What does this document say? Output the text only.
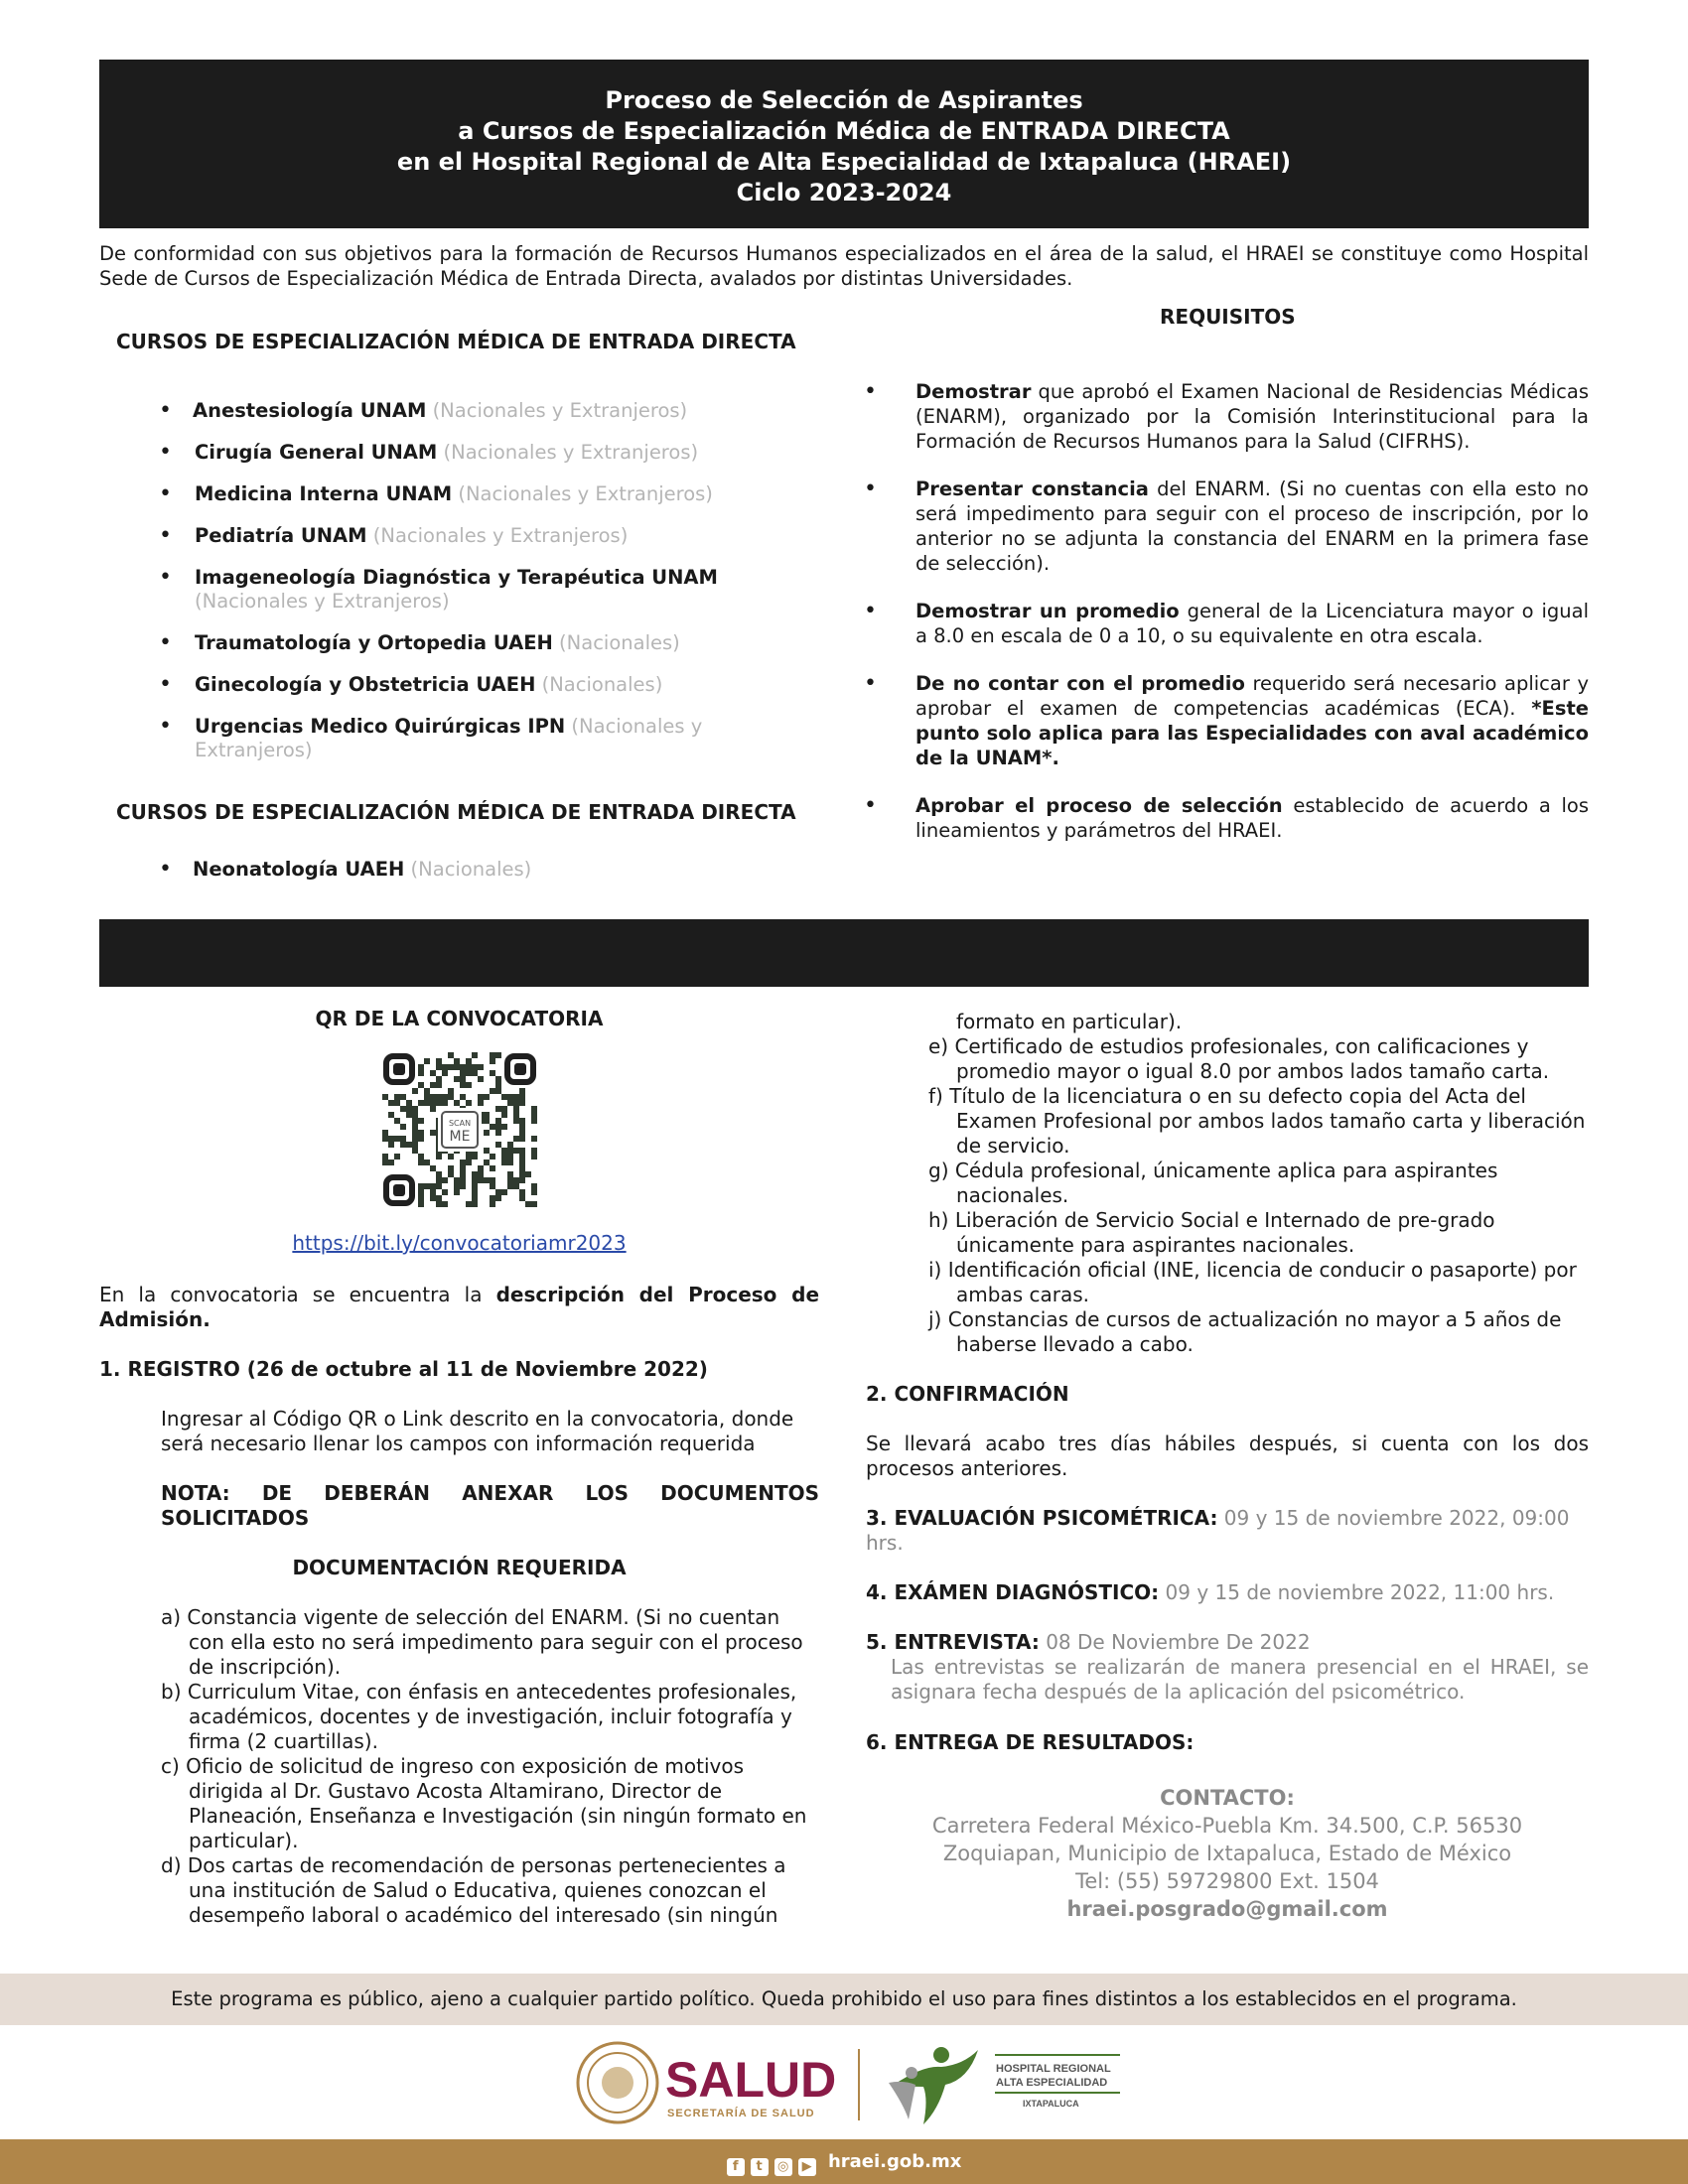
Proceso de Selección de Aspirantes
a Cursos de Especialización Médica de ENTRADA DIRECTA
en el Hospital Regional de Alta Especialidad de Ixtapaluca (HRAEI)
Ciclo 2023-2024

De conformidad con sus objetivos para la formación de Recursos Humanos especializados en el área de la salud, el HRAEI se constituye como Hospital Sede de Cursos de Especialización Médica de Entrada Directa, avalados por distintas Universidades.

CURSOS DE ESPECIALIZACIÓN MÉDICA DE ENTRADA DIRECTA
• Anestesiología UNAM (Nacionales y Extranjeros)
• Cirugía General UNAM (Nacionales y Extranjeros)
• Medicina Interna UNAM (Nacionales y Extranjeros)
• Pediatría UNAM (Nacionales y Extranjeros)
• Imageneología Diagnóstica y Terapéutica UNAM
(Nacionales y Extranjeros)
• Traumatología y Ortopedia UAEH (Nacionales)
• Ginecología y Obstetricia UAEH (Nacionales)
• Urgencias Medico Quirúrgicas IPN (Nacionales y Extranjeros)
CURSOS DE ESPECIALIZACIÓN MÉDICA DE ENTRADA DIRECTA
• Neonatología UAEH (Nacionales)
REQUISITOS
• Demostrar que aprobó el Examen Nacional de Residencias Médicas (ENARM), organizado por la Comisión Interinstitucional para la Formación de Recursos Humanos para la Salud (CIFRHS).
• Presentar constancia del ENARM. (Si no cuentas con ella esto no será impedimento para seguir con el proceso de inscripción, por lo anterior no se adjunta la constancia del ENARM en la primera fase de selección).
• Demostrar un promedio general de la Licenciatura mayor o igual a 8.0 en escala de 0 a 10, o su equivalente en otra escala.
• De no contar con el promedio requerido será necesario aplicar y aprobar el examen de competencias académicas (ECA). *Este punto solo aplica para las Especialidades con aval académico de la UNAM*.
• Aprobar el proceso de selección establecido de acuerdo a los lineamientos y parámetros del HRAEI.
QR DE LA CONVOCATORIA
SCAN
ME
https://bit.ly/convocatoriamr2023

En la convocatoria se encuentra la descripción del Proceso de Admisión.

1. REGISTRO (26 de octubre al 11 de Noviembre 2022)

Ingresar al Código QR o Link descrito en la convocatoria, donde será necesario llenar los campos con información requerida

NOTA: DE DEBERÁN ANEXAR LOS DOCUMENTOS SOLICITADOS

DOCUMENTACIÓN REQUERIDA

a) Constancia vigente de selección del ENARM. (Si no cuentan con ella esto no será impedimento para seguir con el proceso de inscripción).

b) Curriculum Vitae, con énfasis en antecedentes profesionales, académicos, docentes y de investigación, incluir fotografía y firma (2 cuartillas).

c) Oficio de solicitud de ingreso con exposición de motivos dirigida al Dr. Gustavo Acosta Altamirano, Director de Planeación, Enseñanza e Investigación (sin ningún formato en particular).

d) Dos cartas de recomendación de personas pertenecientes a una institución de Salud o Educativa, quienes conozcan el desempeño laboral o académico del interesado (sin ningún

formato en particular).

e) Certificado de estudios profesionales, con calificaciones y promedio mayor o igual 8.0 por ambos lados tamaño carta.

f) Título de la licenciatura o en su defecto copia del Acta del Examen Profesional por ambos lados tamaño carta y liberación de servicio.

g) Cédula profesional, únicamente aplica para aspirantes nacionales.

h) Liberación de Servicio Social e Internado de pre-grado únicamente para aspirantes nacionales.

i) Identificación oficial (INE, licencia de conducir o pasaporte) por ambas caras.

j) Constancias de cursos de actualización no mayor a 5 años de haberse llevado a cabo.

2. CONFIRMACIÓN

Se llevará acabo tres días hábiles después, si cuenta con los dos procesos anteriores.

3. EVALUACIÓN PSICOMÉTRICA: 09 y 15 de noviembre 2022, 09:00 hrs.

4. EXÁMEN DIAGNÓSTICO: 09 y 15 de noviembre 2022, 11:00 hrs.

5. ENTREVISTA: 08 De Noviembre De 2022

Las entrevistas se realizarán de manera presencial en el HRAEI, se asignara fecha después de la aplicación del psicométrico.

6. ENTREGA DE RESULTADOS:

CONTACTO:
Carretera Federal México-Puebla Km. 34.500, C.P. 56530
Zoquiapan, Municipio de Ixtapaluca, Estado de México
Tel: (55) 59729800 Ext. 1504
hraei.posgrado@gmail.com
Este programa es público, ajeno a cualquier partido político. Queda prohibido el uso para fines distintos a los establecidos en el programa.
SALUD
SECRETARÍA DE SALUD
HOSPITAL REGIONAL
ALTA ESPECIALIDAD
IXTAPALUCA
f t ◎ ▶ hraei.gob.mx
